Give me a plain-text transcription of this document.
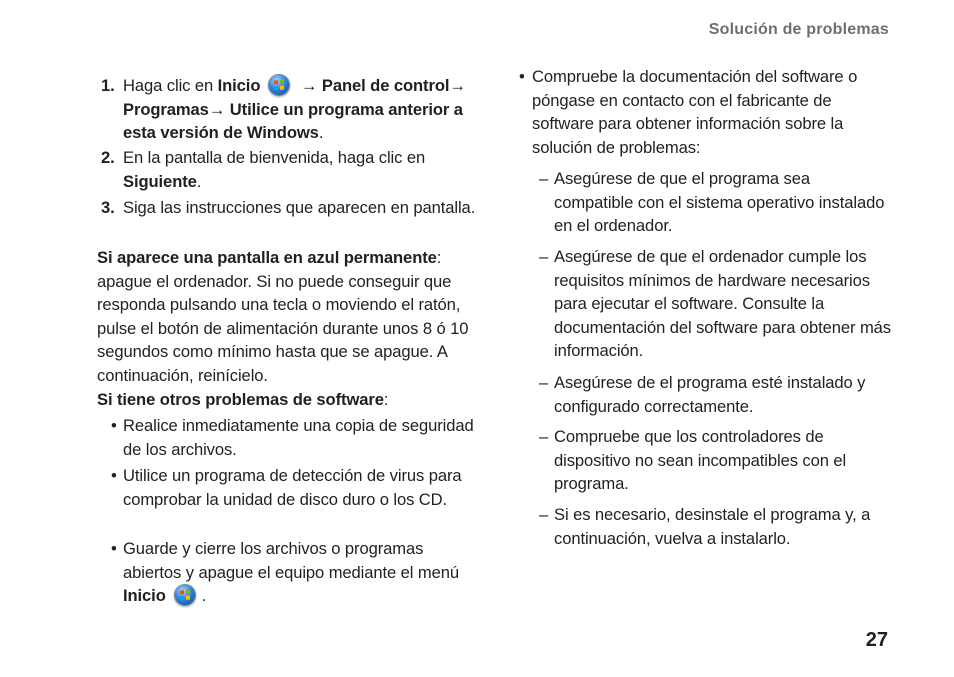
Solución de problemas
1. Haga clic en Inicio → Panel de control→ Programas→ Utilice un programa anterior a esta versión de Windows.
2. En la pantalla de bienvenida, haga clic en Siguiente.
3. Siga las instrucciones que aparecen en pantalla.
Si aparece una pantalla en azul permanente: apague el ordenador. Si no puede conseguir que responda pulsando una tecla o moviendo el ratón, pulse el botón de alimentación durante unos 8 ó 10 segundos como mínimo hasta que se apague. A continuación, reinícielo.
Si tiene otros problemas de software:
• Realice inmediatamente una copia de seguridad de los archivos.
• Utilice un programa de detección de virus para comprobar la unidad de disco duro o los CD.
• Guarde y cierre los archivos o programas abiertos y apague el equipo mediante el menú Inicio .
• Compruebe la documentación del software o póngase en contacto con el fabricante de software para obtener información sobre la solución de problemas:
– Asegúrese de que el programa sea compatible con el sistema operativo instalado en el ordenador.
– Asegúrese de que el ordenador cumple los requisitos mínimos de hardware necesarios para ejecutar el software. Consulte la documentación del software para obtener más información.
– Asegúrese de el programa esté instalado y configurado correctamente.
– Compruebe que los controladores de dispositivo no sean incompatibles con el programa.
– Si es necesario, desinstale el programa y, a continuación, vuelva a instalarlo.
27
